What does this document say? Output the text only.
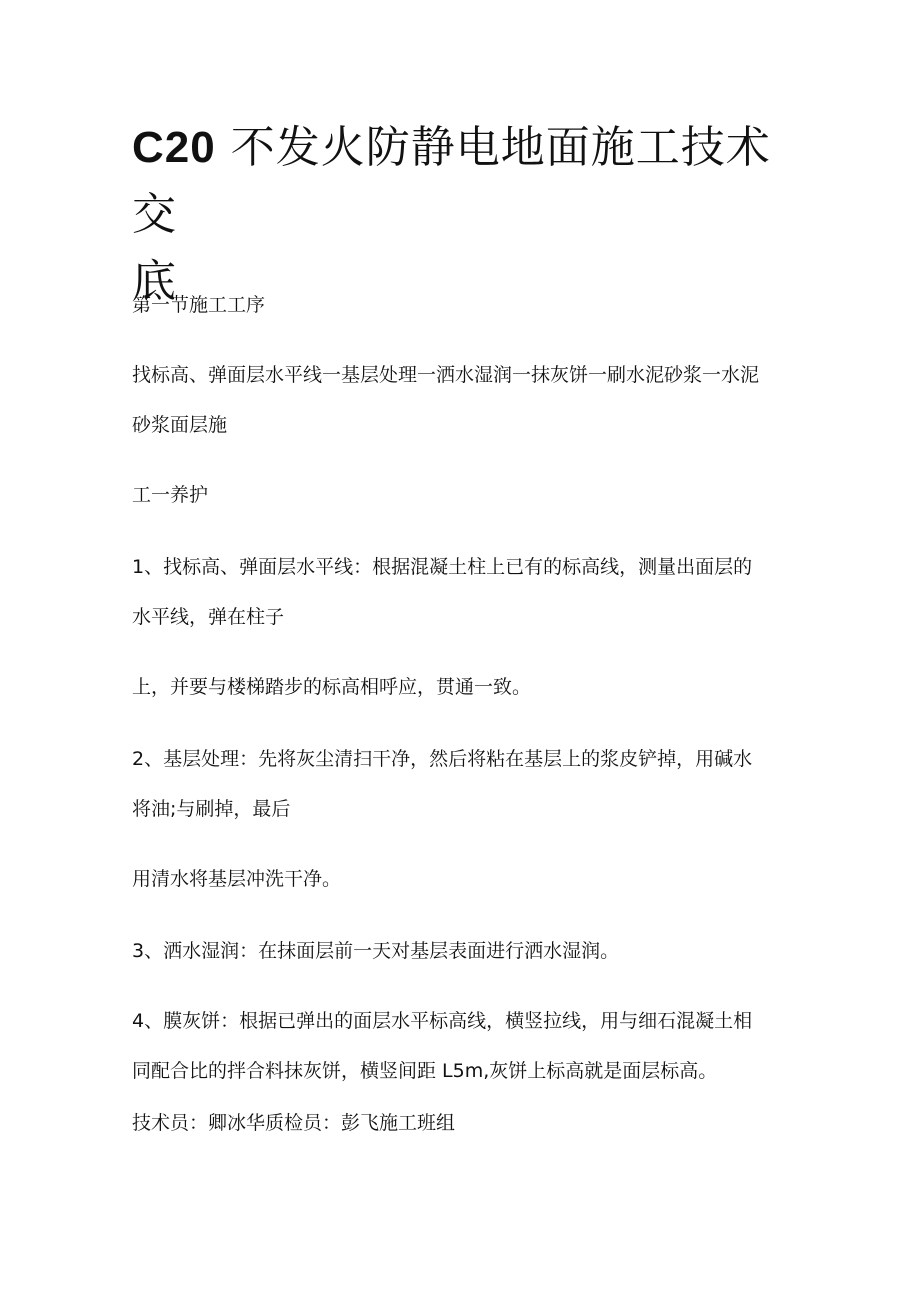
C20 不发火防静电地面施工技术交
底

第一节施工工序

找标高、弹面层水平线一基层处理一洒水湿润一抹灰饼一刷水泥砂浆一水泥
砂浆面层施

工一养护

1、找标高、弹面层水平线：根据混凝土柱上已有的标高线，测量出面层的
水平线，弹在柱子

上，并要与楼梯踏步的标高相呼应，贯通一致。

2、基层处理：先将灰尘清扫干净，然后将粘在基层上的浆皮铲掉，用碱水
将油;与刷掉，最后

用清水将基层冲洗干净。

3、洒水湿润：在抹面层前一天对基层表面进行洒水湿润。

4、膜灰饼：根据已弹出的面层水平标高线，横竖拉线，用与细石混凝土相
同配合比的拌合料抹灰饼，横竖间距 L5m,灰饼上标高就是面层标高。

技术员：卿冰华质检员：彭飞施工班组
